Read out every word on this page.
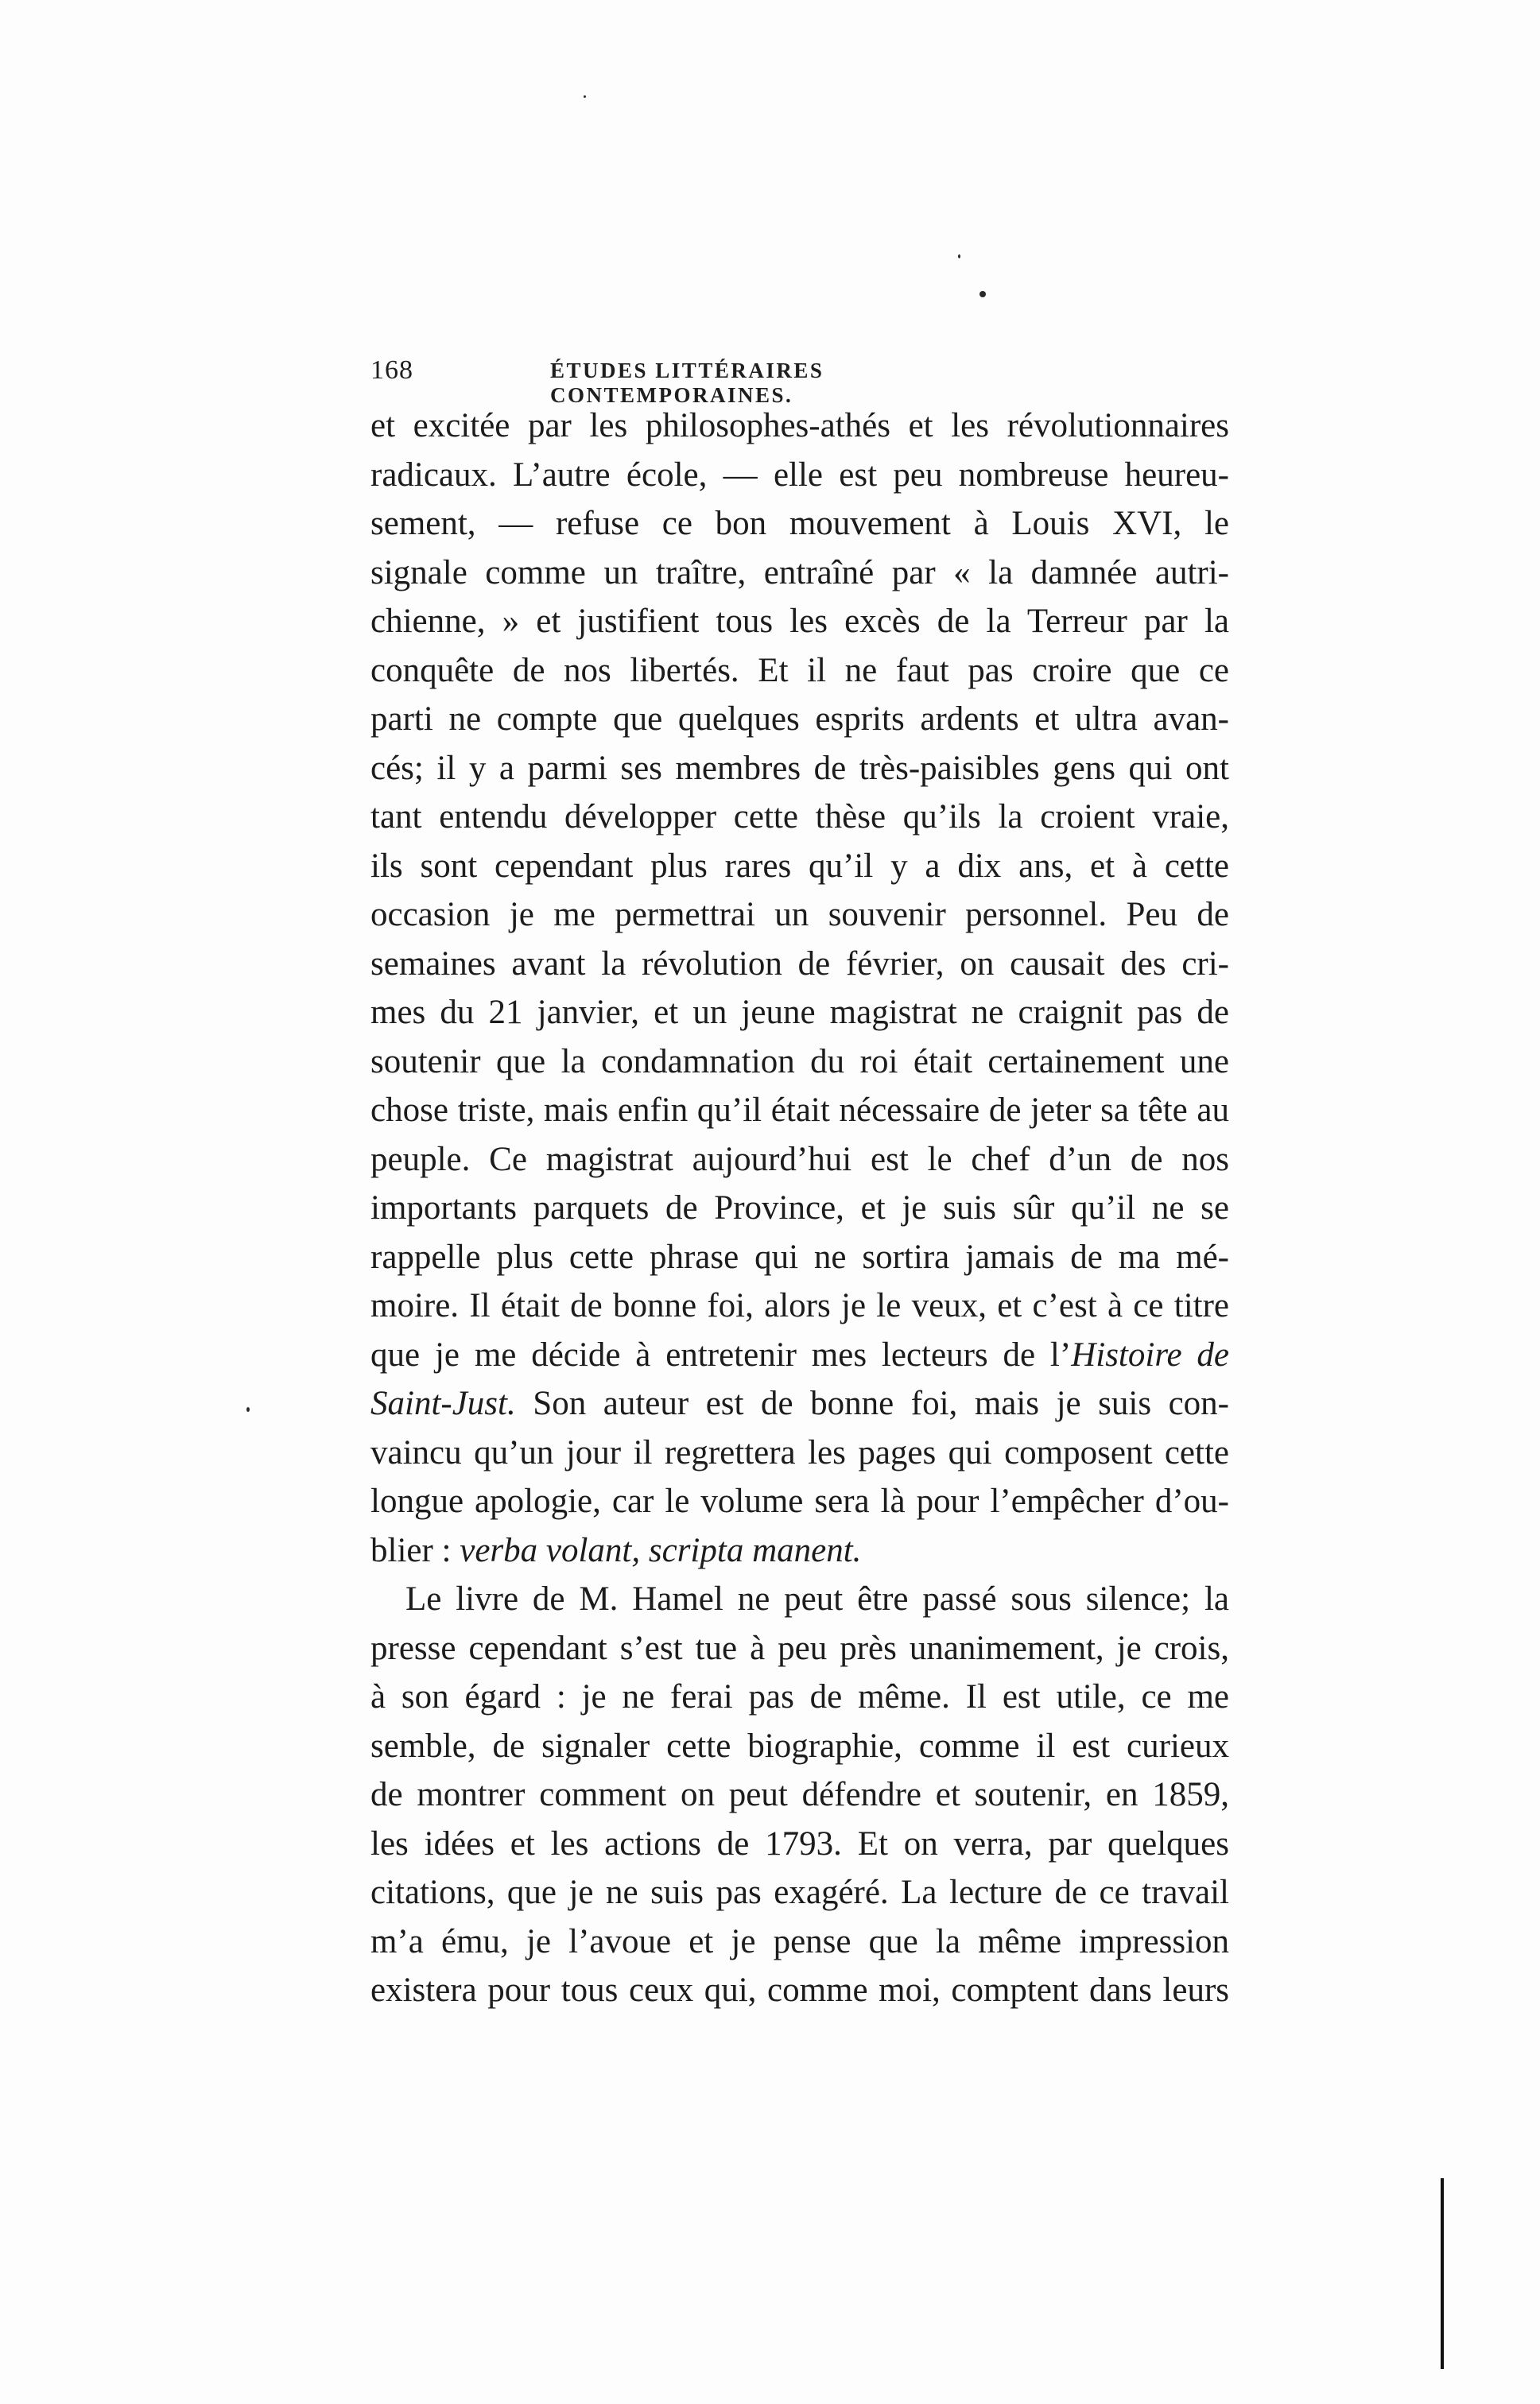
168	ÉTUDES LITTÉRAIRES CONTEMPORAINES.
et excitée par les philosophes-athés et les révolutionnaires
radicaux. L’autre école, — elle est peu nombreuse heureu-
sement, — refuse ce bon mouvement à Louis XVI, le
signale comme un traître, entraîné par « la damnée autri-
chienne, » et justifient tous les excès de la Terreur par la
conquête de nos libertés. Et il ne faut pas croire que ce
parti ne compte que quelques esprits ardents et ultra avan-
cés; il y a parmi ses membres de très-paisibles gens qui ont
tant entendu développer cette thèse qu’ils la croient vraie,
ils sont cependant plus rares qu’il y a dix ans, et à cette
occasion je me permettrai un souvenir personnel. Peu de
semaines avant la révolution de février, on causait des cri-
mes du 21 janvier, et un jeune magistrat ne craignit pas de
soutenir que la condamnation du roi était certainement une
chose triste, mais enfin qu’il était nécessaire de jeter sa tête au
peuple. Ce magistrat aujourd’hui est le chef d’un de nos
importants parquets de Province, et je suis sûr qu’il ne se
rappelle plus cette phrase qui ne sortira jamais de ma mé-
moire. Il était de bonne foi, alors je le veux, et c’est à ce titre
que je me décide à entretenir mes lecteurs de l’Histoire de
Saint-Just. Son auteur est de bonne foi, mais je suis con-
vaincu qu’un jour il regrettera les pages qui composent cette
longue apologie, car le volume sera là pour l’empêcher d’ou-
blier : verba volant, scripta manent.
Le livre de M. Hamel ne peut être passé sous silence; la
presse cependant s’est tue à peu près unanimement, je crois,
à son égard : je ne ferai pas de même. Il est utile, ce me
semble, de signaler cette biographie, comme il est curieux
de montrer comment on peut défendre et soutenir, en 1859,
les idées et les actions de 1793. Et on verra, par quelques
citations, que je ne suis pas exagéré. La lecture de ce travail
m’a ému, je l’avoue et je pense que la même impression
existera pour tous ceux qui, comme moi, comptent dans leurs
